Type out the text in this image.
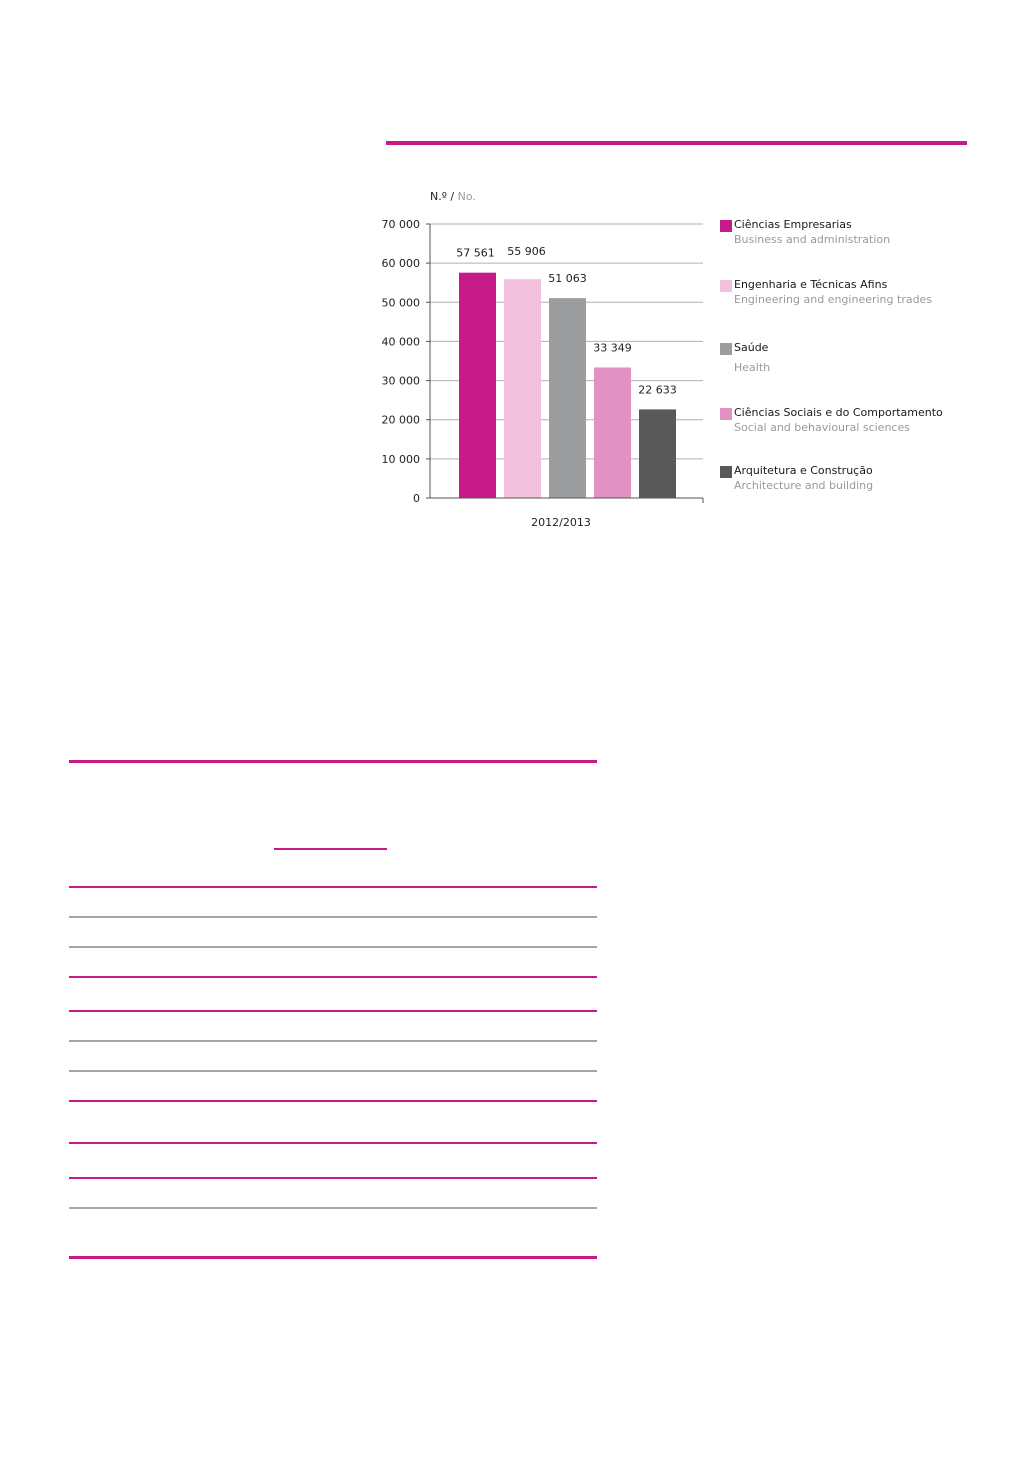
N.º / No.
0
10 000
20 000
30 000
40 000
50 000
60 000
70 000
57 561 55 906
51 063
33 349
22 633
2012/2013
Ciências Empresarias
Business and administration
Engenharia e Técnicas Afins
Engineering and engineering trades
Saúde
Health
Ciências Sociais e do Comportamento
Social and behavioural sciences
Arquitetura e Construção
Architecture and building
